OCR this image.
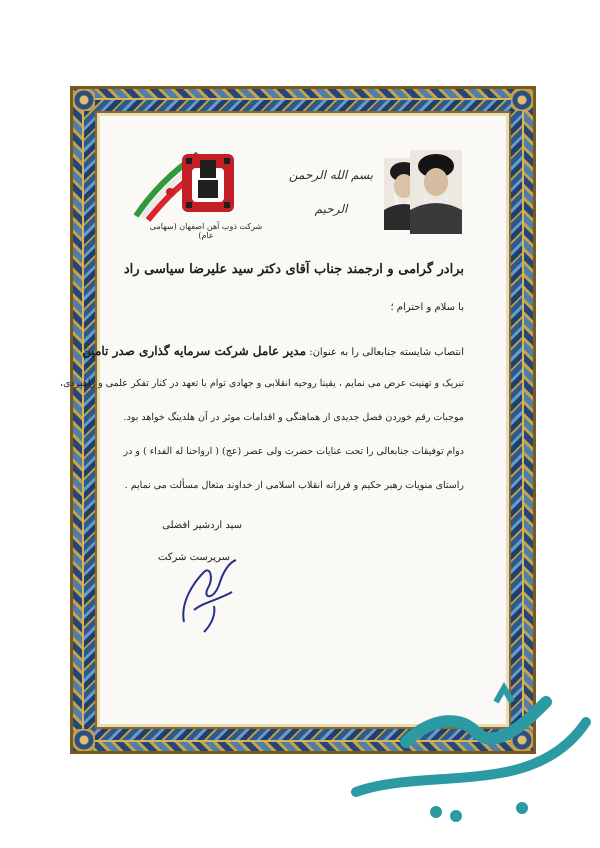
شرکت ذوب آهن اصفهان (سهامی عام)
بسم الله الرحمن الرحیم
برادر گرامی و ارجمند جناب آقای دکتر سید علیرضا سیاسی راد
با سلام و احترام ؛
انتصاب شایسته جنابعالی را به عنوان: مدیر عامل شرکت سرمایه گذاری صدر تامین
تبریک و تهنیت عرض می نمایم ، یقینا روحیه انقلابی و جهادی توام با تعهد در کنار تفکر علمی و راهبردی،
موجبات رقم خوردن فصل جدیدی از هماهنگی و اقدامات موثر در آن هلدینگ خواهد بود.
دوام توفیقات جنابعالی را تحت عنایات حضرت ولی عصر (عج) ( ارواحنا له الفداء ) و در
راستای منویات رهبر حکیم و فرزانه انقلاب اسلامی از خداوند متعال مسألت می نمایم .
سید اردشیر افضلی
سرپرست شرکت
